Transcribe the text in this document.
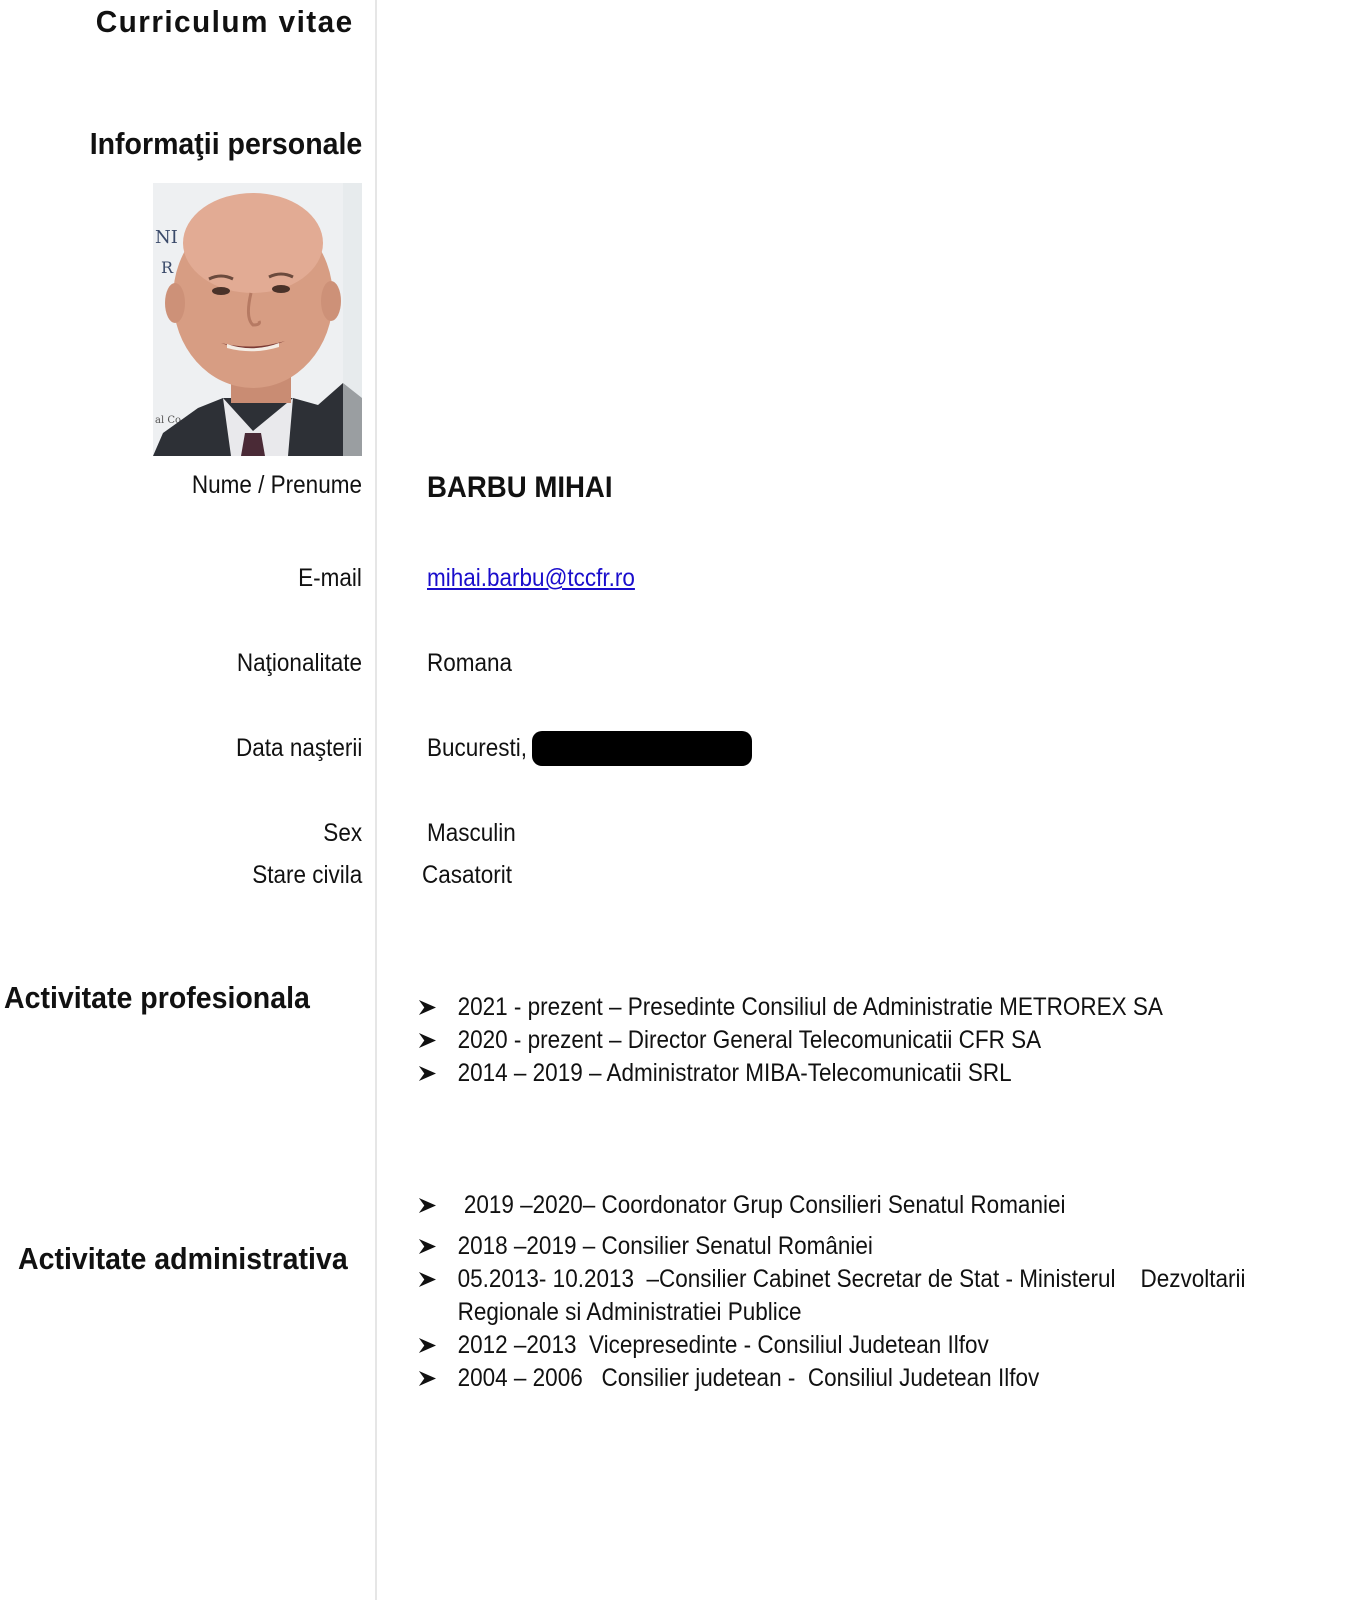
Curriculum vitae
Informaţii personale
NI
R
al Co
Nume / Prenume BARBU MIHAI
E-mail	mihai.barbu@tccfr.ro
Naţionalitate	Romana
Data naşterii	Bucuresti,
Sex	Masculin
Stare civila Casatorit
Activitate profesionala	2021 - prezent – Presedinte Consiliul de Administratie METROREX SA
2020 - prezent – Director General Telecomunicatii CFR SA
2014 – 2019 – Administrator MIBA-Telecomunicatii SRL
Activitate administrativa
2019 –2020– Coordonator Grup Consilieri Senatul Romaniei
2018 –2019 – Consilier Senatul României
05.2013- 10.2013  –Consilier Cabinet Secretar de Stat - Ministerul    Dezvoltarii
Regionale si Administratiei Publice
2012 –2013  Vicepresedinte - Consiliul Judetean Ilfov
2004 – 2006   Consilier judetean -  Consiliul Judetean Ilfov
